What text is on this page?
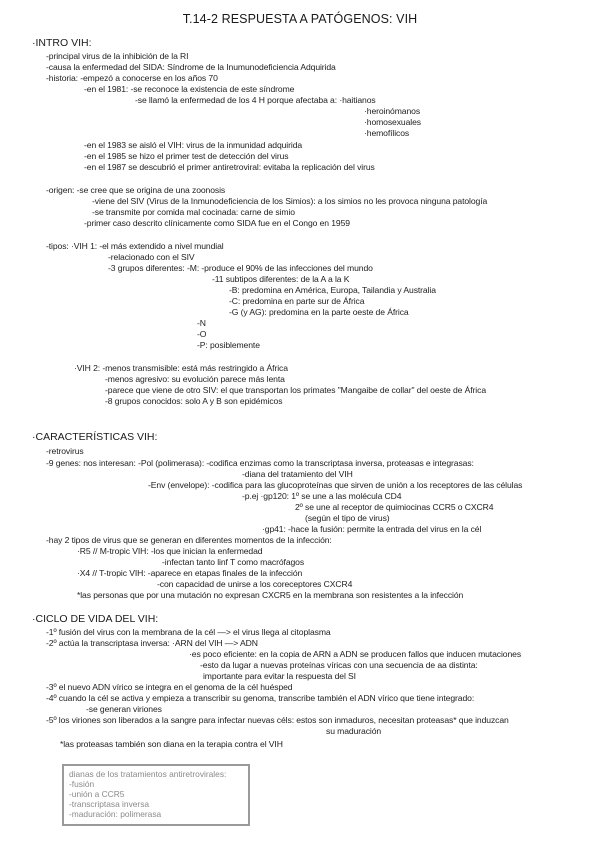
T.14-2 RESPUESTA A PATÓGENOS: VIH
·INTRO VIH:
-principal virus de la inhibición de la RI
-causa la enfermedad del SIDA: Síndrome de la Inumunodeficiencia Adquirida
-historia: -empezó a conocerse en los años 70
-en el 1981: -se reconoce la existencia de este síndrome
-se llamó la enfermedad de los 4 H porque afectaba a: ·haitianos
·heroinómanos
·homosexuales
·hemofílicos
-en el 1983 se aisló el VIH: virus de la inmunidad adquirida
-en el 1985 se hizo el primer test de detección del virus
-en el 1987 se descubrió el primer antiretroviral: evitaba la replicación del virus
-origen: -se cree que se origina de una zoonosis
-viene del SIV (Virus de la Inmunodeficiencia de los Simios): a los simios no les provoca ninguna patología
-se transmite por comida mal cocinada: carne de simio
-primer caso descrito clínicamente como SIDA fue en el Congo en 1959
-tipos: ·VIH 1: -el más extendido a nivel mundial
-relacionado con el SIV
-3 grupos diferentes: -M: -produce el 90% de las infecciones del mundo
-11 subtipos diferentes: de la A a la K
-B: predomina en América, Europa, Tailandia y Australia
-C: predomina en parte sur de África
-G (y AG): predomina en la parte oeste de África
-N
-O
-P: posiblemente
·VIH 2: -menos transmisible: está más restringido a África
-menos agresivo: su evolución parece más lenta
-parece que viene de otro SIV: el que transportan los primates "Mangaibe de collar" del oeste de África
-8 grupos conocidos: solo A y B son epidémicos
·CARACTERÍSTICAS VIH:
-retrovirus
-9 genes: nos interesan: -Pol (polimerasa): -codifica enzimas como la transcriptasa inversa, proteasas e integrasas:
-diana del tratamiento del VIH
-Env (envelope): -codifica para las glucoproteínas que sirven de unión a los receptores de las células
-p.ej ·gp120: 1º se une a las molécula CD4
2º se une al receptor de quimiocinas CCR5 o CXCR4
(según el tipo de virus)
·gp41: -hace la fusión: permite la entrada del virus en la cél
-hay 2 tipos de virus que se generan en diferentes momentos de la infección:
·R5 // M-tropic VIH: -los que inician la enfermedad
-infectan tanto linf T como macrófagos
·X4 // T-tropic VIH: -aparece en etapas finales de la infección
-con capacidad de unirse a los coreceptores CXCR4
*las personas que por una mutación no expresan CXCR5 en la membrana son resistentes a la infección
·CICLO DE VIDA DEL VIH:
-1º fusión del virus con la membrana de la cél —> el virus llega al citoplasma
-2º actúa la transcriptasa inversa: ·ARN del VIH —> ADN
·es poco eficiente: en la copia de ARN a ADN se producen fallos que inducen mutaciones
-esto da lugar a nuevas proteínas víricas con una secuencia de aa distinta:
importante para evitar la respuesta del SI
-3º el nuevo ADN vírico se integra en el genoma de la cél huésped
-4º cuando la cél se activa y empieza a transcribir su genoma, transcribe también el ADN vírico que tiene integrado:
-se generan viriones
-5º los viriones son liberados a la sangre para infectar nuevas céls: estos son inmaduros, necesitan proteasas* que induzcan
su maduración
*las proteasas también son diana en la terapia contra el VIH
dianas de los tratamientos antiretrovirales:
-fusión
-unión a CCR5
-transcriptasa inversa
-maduración: polimerasa
